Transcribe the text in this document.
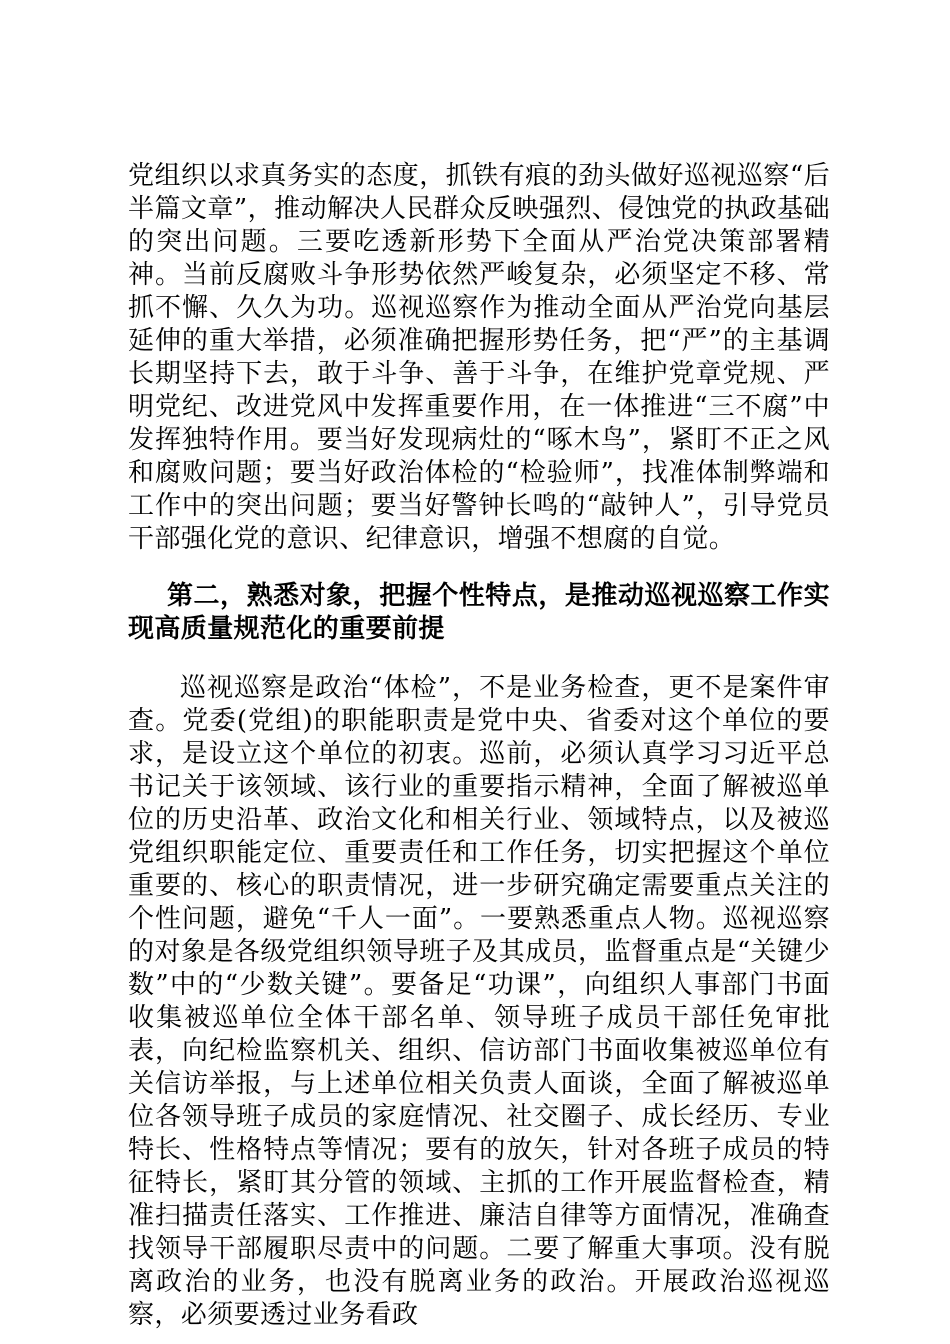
党组织以求真务实的态度，抓铁有痕的劲头做好巡视巡察“后半篇文章”，推动解决人民群众反映强烈、侵蚀党的执政基础的突出问题。三要吃透新形势下全面从严治党决策部署精神。当前反腐败斗争形势依然严峻复杂，必须坚定不移、常抓不懈、久久为功。巡视巡察作为推动全面从严治党向基层延伸的重大举措，必须准确把握形势任务，把“严”的主基调长期坚持下去，敢于斗争、善于斗争，在维护党章党规、严明党纪、改进党风中发挥重要作用，在一体推进“三不腐”中发挥独特作用。要当好发现病灶的“啄木鸟”，紧盯不正之风和腐败问题；要当好政治体检的“检验师”，找准体制弊端和工作中的突出问题；要当好警钟长鸣的“敲钟人”，引导党员干部强化党的意识、纪律意识，增强不想腐的自觉。

第二，熟悉对象，把握个性特点，是推动巡视巡察工作实现高质量规范化的重要前提

巡视巡察是政治“体检”，不是业务检查，更不是案件审查。党委(党组)的职能职责是党中央、省委对这个单位的要求，是设立这个单位的初衷。巡前，必须认真学习习近平总书记关于该领域、该行业的重要指示精神，全面了解被巡单位的历史沿革、政治文化和相关行业、领域特点，以及被巡党组织职能定位、重要责任和工作任务，切实把握这个单位重要的、核心的职责情况，进一步研究确定需要重点关注的个性问题，避免“千人一面”。一要熟悉重点人物。巡视巡察的对象是各级党组织领导班子及其成员，监督重点是“关键少数”中的“少数关键”。要备足“功课”，向组织人事部门书面收集被巡单位全体干部名单、领导班子成员干部任免审批表，向纪检监察机关、组织、信访部门书面收集被巡单位有关信访举报，与上述单位相关负责人面谈，全面了解被巡单位各领导班子成员的家庭情况、社交圈子、成长经历、专业特长、性格特点等情况；要有的放矢，针对各班子成员的特征特长，紧盯其分管的领域、主抓的工作开展监督检查，精准扫描责任落实、工作推进、廉洁自律等方面情况，准确查找领导干部履职尽责中的问题。二要了解重大事项。没有脱离政治的业务，也没有脱离业务的政治。开展政治巡视巡察，必须要透过业务看政
